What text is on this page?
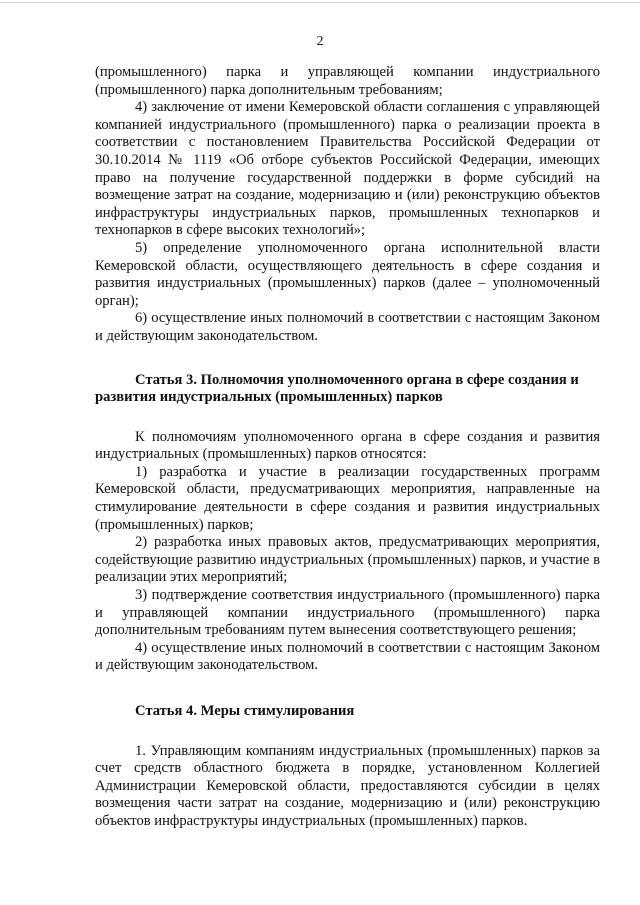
2

(промышленного) парка и управляющей компании индустриального (промышленного) парка дополнительным требованиям;

4) заключение от имени Кемеровской области соглашения с управляющей компанией индустриального (промышленного) парка о реализации проекта в соответствии с постановлением Правительства Российской Федерации от 30.10.2014 № 1119 «Об отборе субъектов Российской Федерации, имеющих право на получение государственной поддержки в форме субсидий на возмещение затрат на создание, модернизацию и (или) реконструкцию объектов инфраструктуры индустриальных парков, промышленных технопарков и технопарков в сфере высоких технологий»;

5) определение уполномоченного органа исполнительной власти Кемеровской области, осуществляющего деятельность в сфере создания и развития индустриальных (промышленных) парков (далее – уполномоченный орган);

6) осуществление иных полномочий в соответствии с настоящим Законом и действующим законодательством.

Статья 3. Полномочия уполномоченного органа в сфере создания и развития индустриальных (промышленных) парков

К полномочиям уполномоченного органа в сфере создания и развития индустриальных (промышленных) парков относятся:

1) разработка и участие в реализации государственных программ Кемеровской области, предусматривающих мероприятия, направленные на стимулирование деятельности в сфере создания и развития индустриальных (промышленных) парков;

2) разработка иных правовых актов, предусматривающих мероприятия, содействующие развитию индустриальных (промышленных) парков, и участие в реализации этих мероприятий;

3) подтверждение соответствия индустриального (промышленного) парка и управляющей компании индустриального (промышленного) парка дополнительным требованиям путем вынесения соответствующего решения;

4) осуществление иных полномочий в соответствии с настоящим Законом и действующим законодательством.

Статья 4. Меры стимулирования

1. Управляющим компаниям индустриальных (промышленных) парков за счет средств областного бюджета в порядке, установленном Коллегией Администрации Кемеровской области, предоставляются субсидии в целях возмещения части затрат на создание, модернизацию и (или) реконструкцию объектов инфраструктуры индустриальных (промышленных) парков.
